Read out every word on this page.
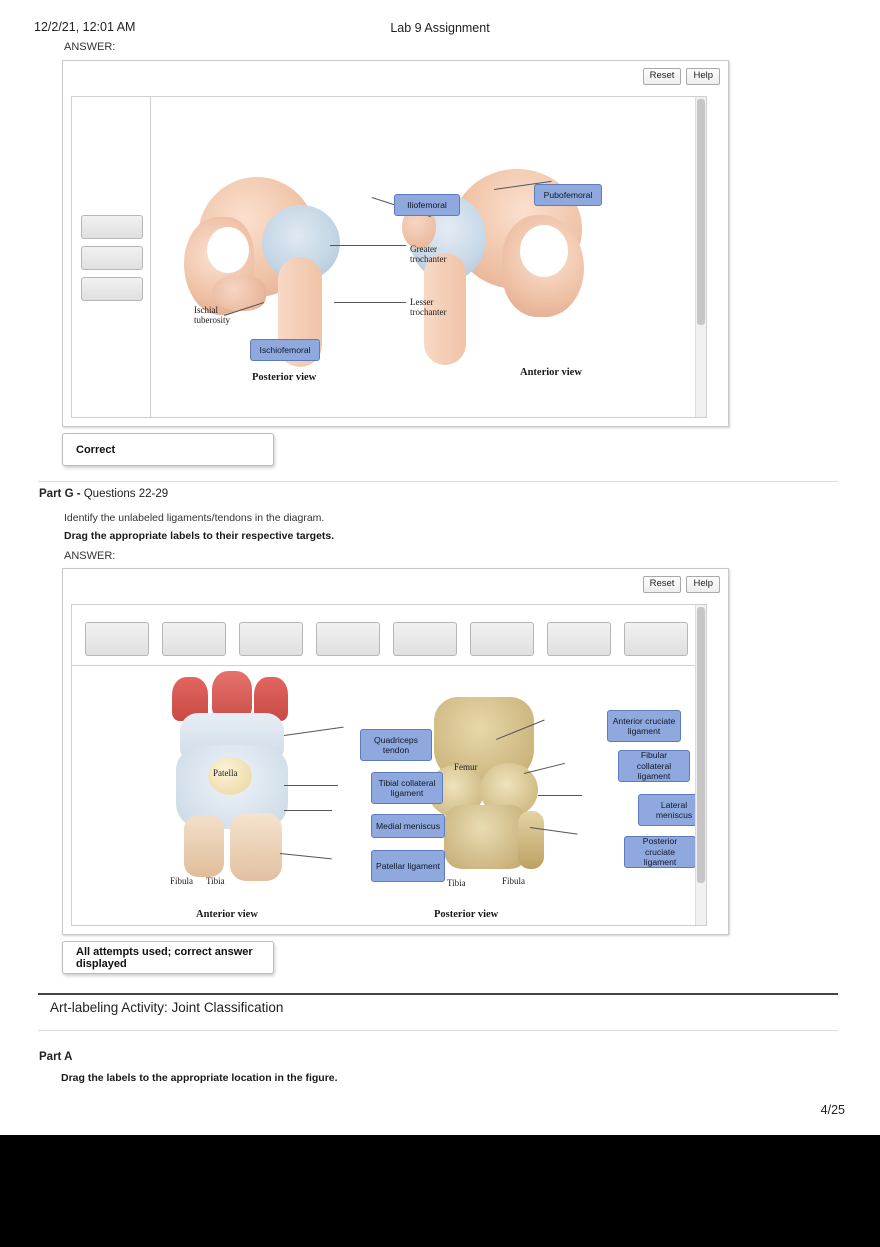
12/2/21, 12:01 AM	Lab 9 Assignment
ANSWER:
Reset	Help
Greater
trochanter
Lesser
trochanter
Ischial
tuberosity
Posterior view	Anterior view
Iliofemoral
Pubofemoral
Ischiofemoral
Correct
Part G - Questions 22-29
Identify the unlabeled ligaments/tendons in the diagram.
Drag the appropriate labels to their respective targets.
ANSWER:
Reset	Help
Patella
Fibula Tibia
Femur
Tibia	Fibula
Anterior view	Posterior view
Quadriceps tendon
Tibial collateral ligament
Medial meniscus
Patellar ligament
Anterior cruciate ligament
Fibular collateral ligament
Lateral meniscus
Posterior cruciate ligament
All attempts used; correct answer displayed
Art-labeling Activity: Joint Classification
Part A
Drag the labels to the appropriate location in the figure.
4/25
